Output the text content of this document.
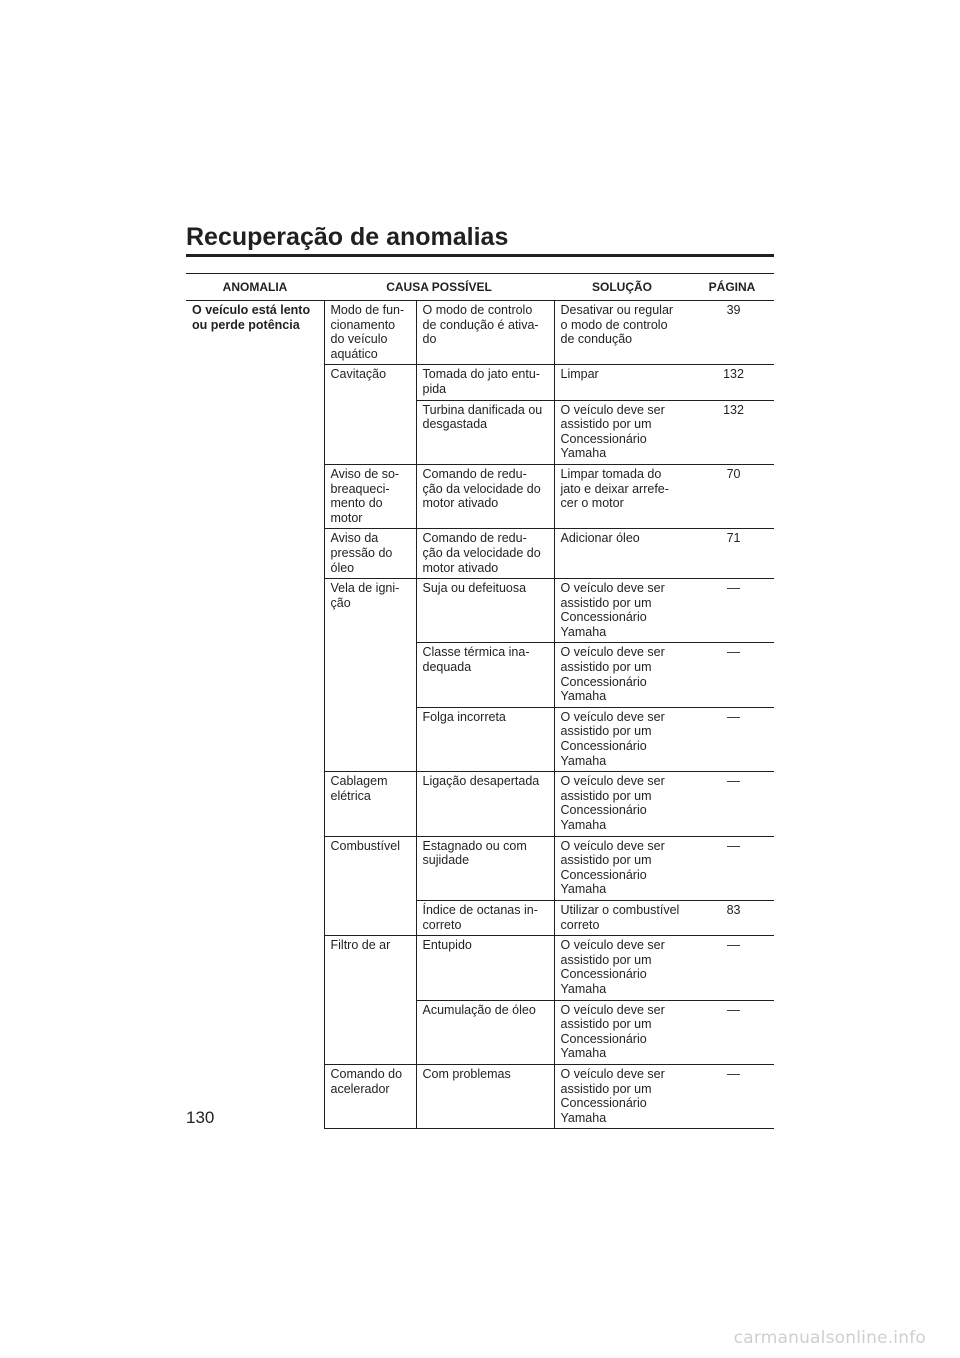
Recuperação de anomalias
ANOMALIA	CAUSA POSSÍVEL		SOLUÇÃO	PÁGINA
O veículo está lento
ou perde potência	Modo de fun-
cionamento
do veículo
aquático	O modo de controlo
de condução é ativa-
do	Desativar ou regular
o modo de controlo
de condução	39
	Cavitação	Tomada do jato entu-
pida	Limpar	132
		Turbina danificada ou
desgastada	O veículo deve ser
assistido por um
Concessionário
Yamaha	132
	Aviso de so-
breaqueci-
mento do
motor	Comando de redu-
ção da velocidade do
motor ativado	Limpar tomada do
jato e deixar arrefe-
cer o motor	70
	Aviso da
pressão do
óleo	Comando de redu-
ção da velocidade do
motor ativado	Adicionar óleo	71
	Vela de igni-
ção	Suja ou defeituosa	O veículo deve ser
assistido por um
Concessionário
Yamaha	—
		Classe térmica ina-
dequada	O veículo deve ser
assistido por um
Concessionário
Yamaha	—
		Folga incorreta	O veículo deve ser
assistido por um
Concessionário
Yamaha	—
	Cablagem
elétrica	Ligação desapertada	O veículo deve ser
assistido por um
Concessionário
Yamaha	—
	Combustível	Estagnado ou com
sujidade	O veículo deve ser
assistido por um
Concessionário
Yamaha	—
		Índice de octanas in-
correto	Utilizar o combustível
correto	83
	Filtro de ar	Entupido	O veículo deve ser
assistido por um
Concessionário
Yamaha	—
		Acumulação de óleo	O veículo deve ser
assistido por um
Concessionário
Yamaha	—
	Comando do
acelerador	Com problemas	O veículo deve ser
assistido por um
Concessionário
Yamaha	—
130
carmanualsonline.info
